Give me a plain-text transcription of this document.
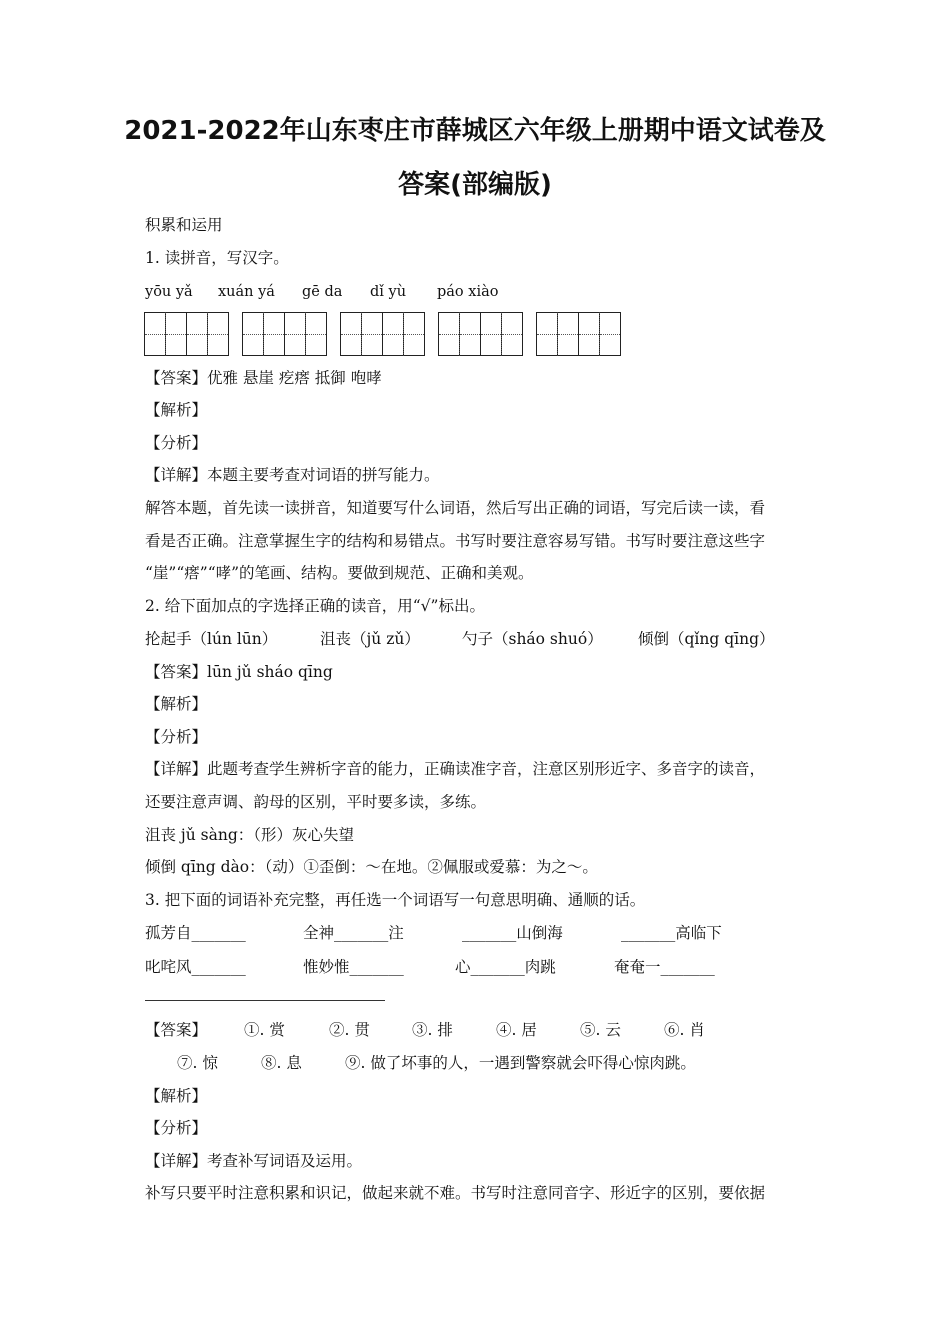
2021-2022年山东枣庄市薛城区六年级上册期中语文试卷及
答案(部编版)
积累和运用
1. 读拼音，写汉字。
yōu yǎ xuán yá gē da dǐ yù páo xiào
【答案】优雅 悬崖 疙瘩 抵御 咆哮
【解析】
【分析】
【详解】本题主要考查对词语的拼写能力。
解答本题，首先读一读拼音，知道要写什么词语，然后写出正确的词语，写完后读一读，看
看是否正确。注意掌握生字的结构和易错点。书写时要注意容易写错。书写时要注意这些字
“崖”“瘩”“哮”的笔画、结构。要做到规范、正确和美观。
2. 给下面加点的字选择正确的读音，用“√”标出。
抡起手（lún lūn）	沮丧（jǔ zǔ）	勺子（sháo shuó） 倾倒（qǐng qīng）
【答案】lūn jǔ sháo qīng
【解析】
【分析】
【详解】此题考查学生辨析字音的能力，正确读准字音，注意区别形近字、多音字的读音，
还要注意声调、韵母的区别，平时要多读，多练。
沮丧 jǔ sàng：（形）灰心失望
倾倒 qīng dào：（动）①歪倒：～在地。②佩服或爱慕：为之～。
3. 把下面的词语补充完整，再任选一个词语写一句意思明确、通顺的话。
孤芳自_______	全神_______注	_______山倒海	_______高临下
叱咤风_______	惟妙惟_______	心_______肉跳	奄奄一_______
【答案】 ①. 赏	②. 贯	③. 排	④. 居	⑤. 云	⑥. 肖
⑦. 惊	⑧. 息	⑨. 做了坏事的人，一遇到警察就会吓得心惊肉跳。
【解析】
【分析】
【详解】考查补写词语及运用。
补写只要平时注意积累和识记，做起来就不难。书写时注意同音字、形近字的区别，要依据
